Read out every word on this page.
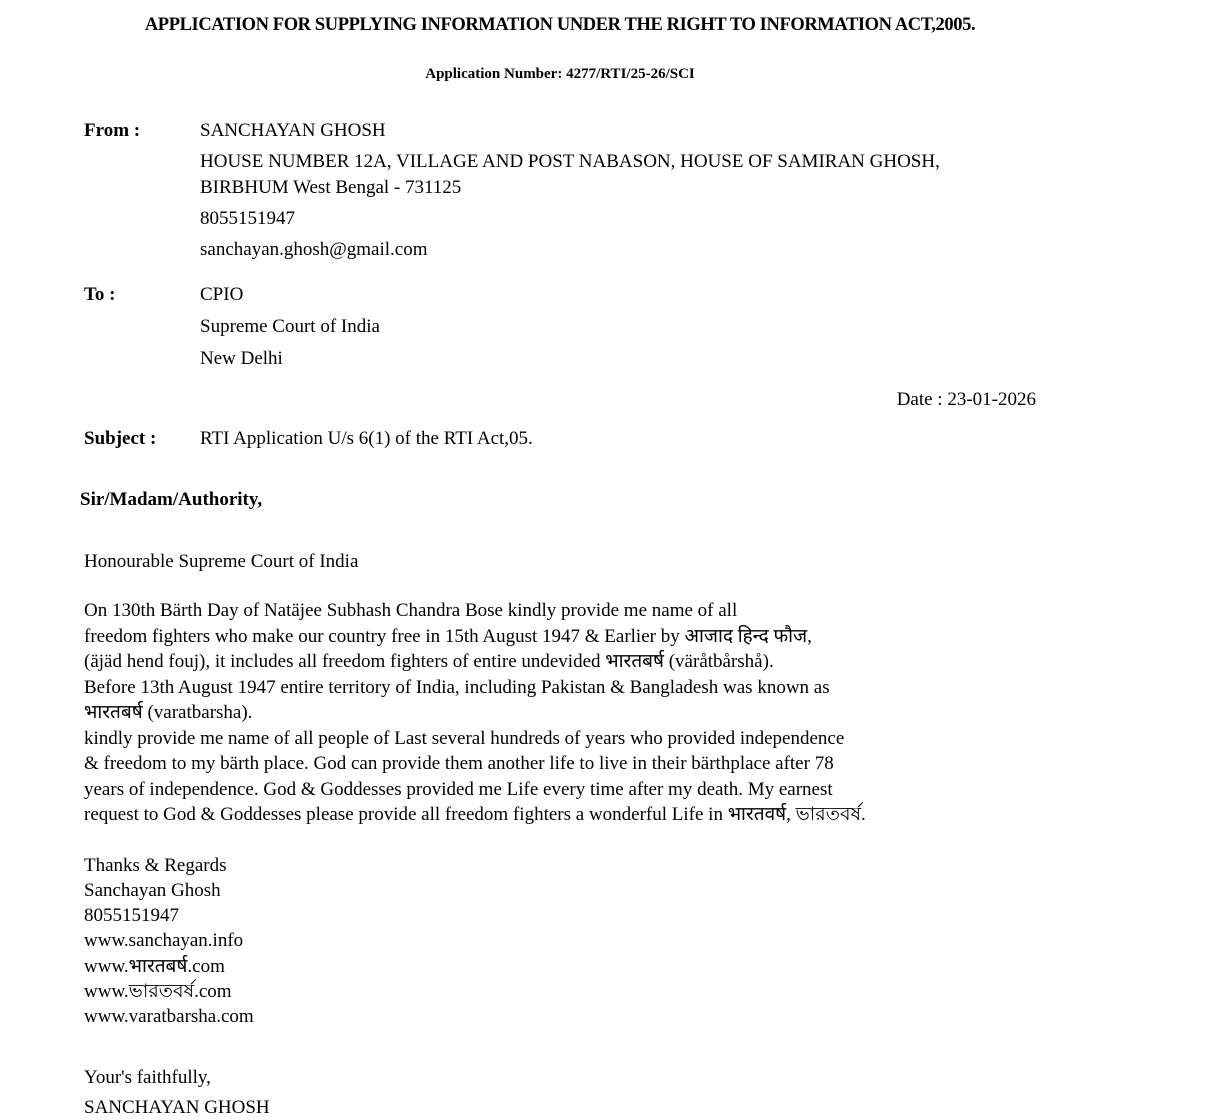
APPLICATION FOR SUPPLYING INFORMATION UNDER THE RIGHT TO INFORMATION ACT,2005.
Application Number: 4277/RTI/25-26/SCI
From :	SANCHAYAN GHOSH
HOUSE NUMBER 12A, VILLAGE AND POST NABASON, HOUSE OF SAMIRAN GHOSH, BIRBHUM West Bengal - 731125
8055151947
sanchayan.ghosh@gmail.com
To :	CPIO
Supreme Court of India
New Delhi
Date : 23-01-2026
Subject :	RTI Application U/s 6(1) of the RTI Act,05.
Sir/Madam/Authority,
Honourable Supreme Court of India
On 130th Bärth Day of Natäjee Subhash Chandra Bose kindly provide me name of all
freedom fighters who make our country free in 15th August 1947 & Earlier by आजाद हिन्द फौज,
(äjäd hend fouj), it includes all freedom fighters of entire undevided भारतबर्ष (väråtbårshå).
Before 13th August 1947 entire territory of India, including Pakistan & Bangladesh was known as
भारतबर्ष (varatbarsha).
kindly provide me name of all people of Last several hundreds of years who provided independence
& freedom to my bärth place. God can provide them another life to live in their bärthplace after 78
years of independence. God & Goddesses provided me Life every time after my death. My earnest
request to God & Goddesses please provide all freedom fighters a wonderful Life in भारतवर्ष, ভারতবর্ষ.
Thanks & Regards
Sanchayan Ghosh
8055151947
www.sanchayan.info
www.भारतबर्ष.com
www.ভারতবর্ষ.com
www.varatbarsha.com
Your's faithfully,
SANCHAYAN GHOSH
